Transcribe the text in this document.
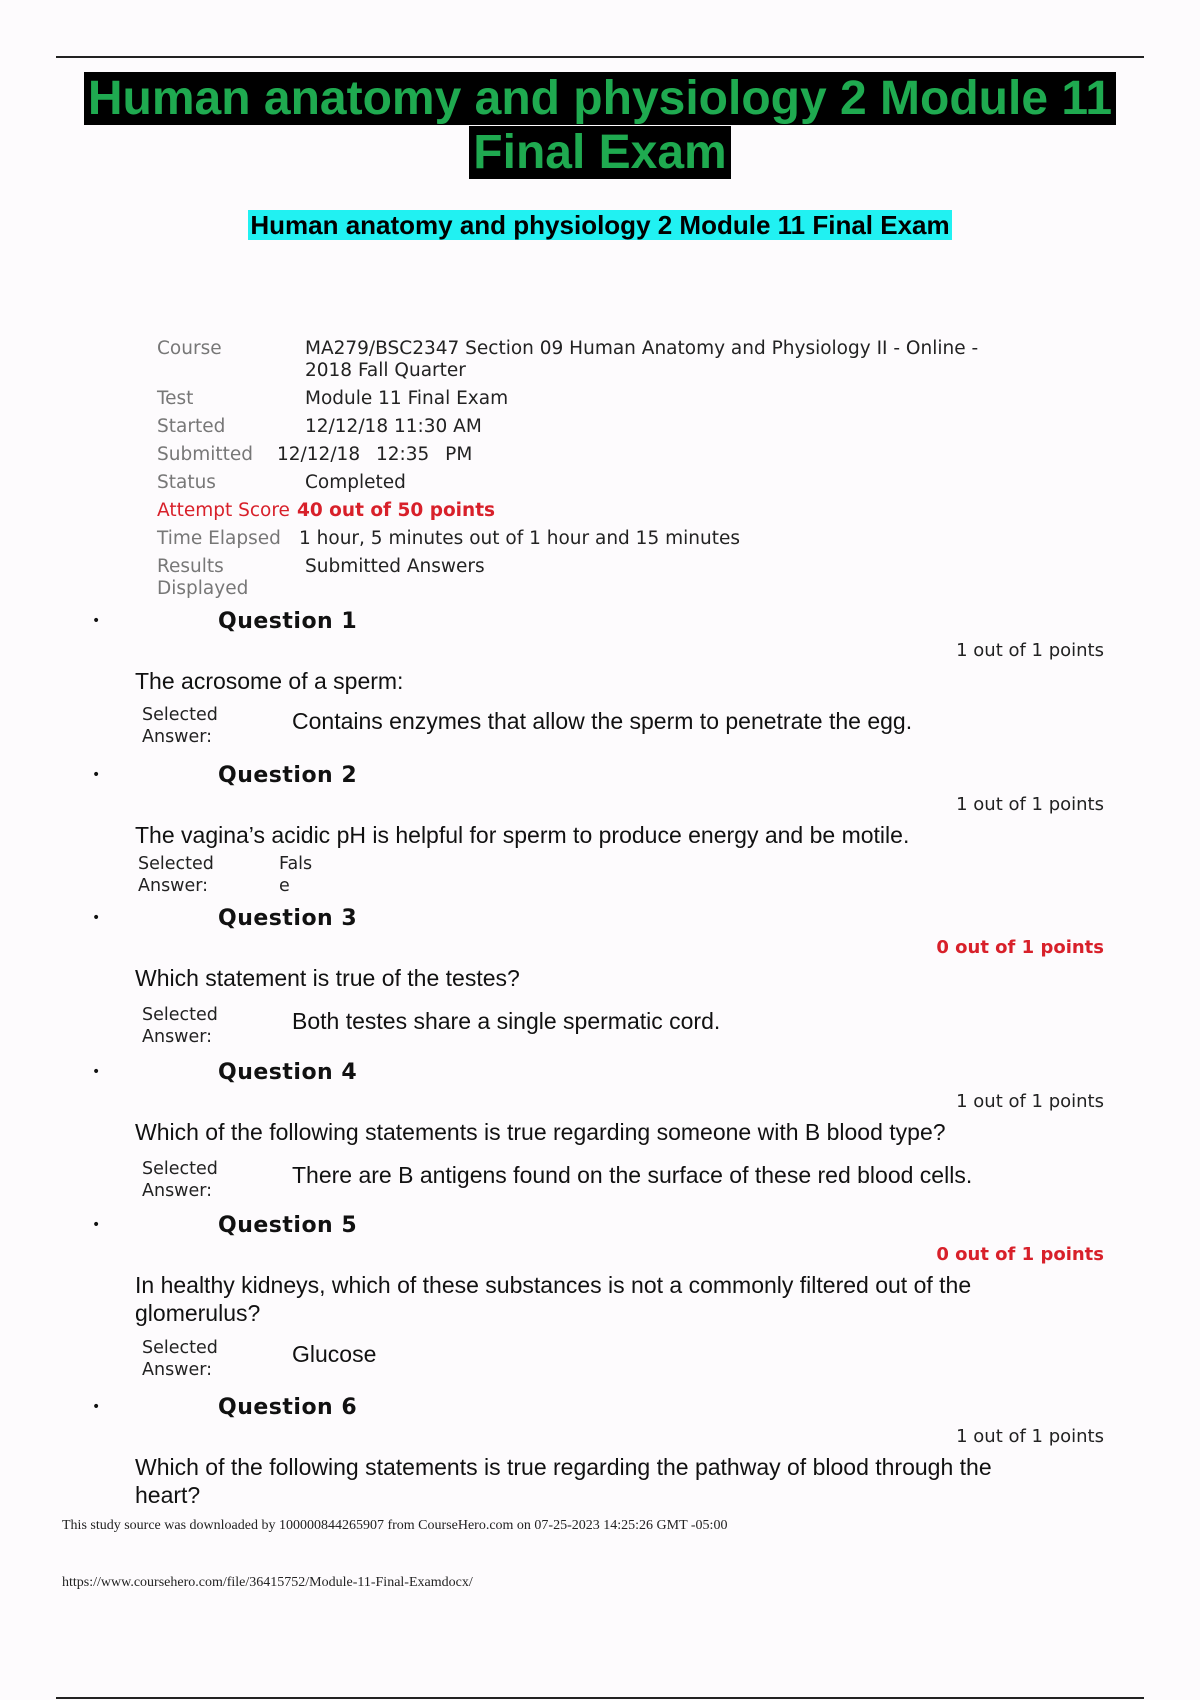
Human anatomy and physiology 2 Module 11
Final Exam
Human anatomy and physiology 2 Module 11 Final Exam
Course	MA279/BSC2347 Section 09 Human Anatomy and Physiology II - Online -
2018 Fall Quarter
Test	Module 11 Final Exam
Started	12/12/18 11:30 AM
Submitted	12/12/18 12:35 PM
Status	Completed
Attempt Score 40 out of 50 points
Time Elapsed 1 hour, 5 minutes out of 1 hour and 15 minutes
Results
Displayed
Submitted Answers
•	Question 1
1 out of 1 points
The acrosome of a sperm:
Selected
Answer:
Contains enzymes that allow the sperm to penetrate the egg.
•	Question 2
1 out of 1 points
The vagina’s acidic pH is helpful for sperm to produce energy and be motile.
Selected
Answer:
Fals
e
•	Question 3
0 out of 1 points
Which statement is true of the testes?
Selected
Answer:
Both testes share a single spermatic cord.
•	Question 4
1 out of 1 points
Which of the following statements is true regarding someone with B blood type?
Selected
Answer:
There are B antigens found on the surface of these red blood cells.
•	Question 5
0 out of 1 points
In healthy kidneys, which of these substances is not a commonly filtered out of the glomerulus?
Selected
Answer:
Glucose
•	Question 6
1 out of 1 points
Which of the following statements is true regarding the pathway of blood through the heart?
This study source was downloaded by 100000844265907 from CourseHero.com on 07-25-2023 14:25:26 GMT -05:00
https://www.coursehero.com/file/36415752/Module-11-Final-Examdocx/
